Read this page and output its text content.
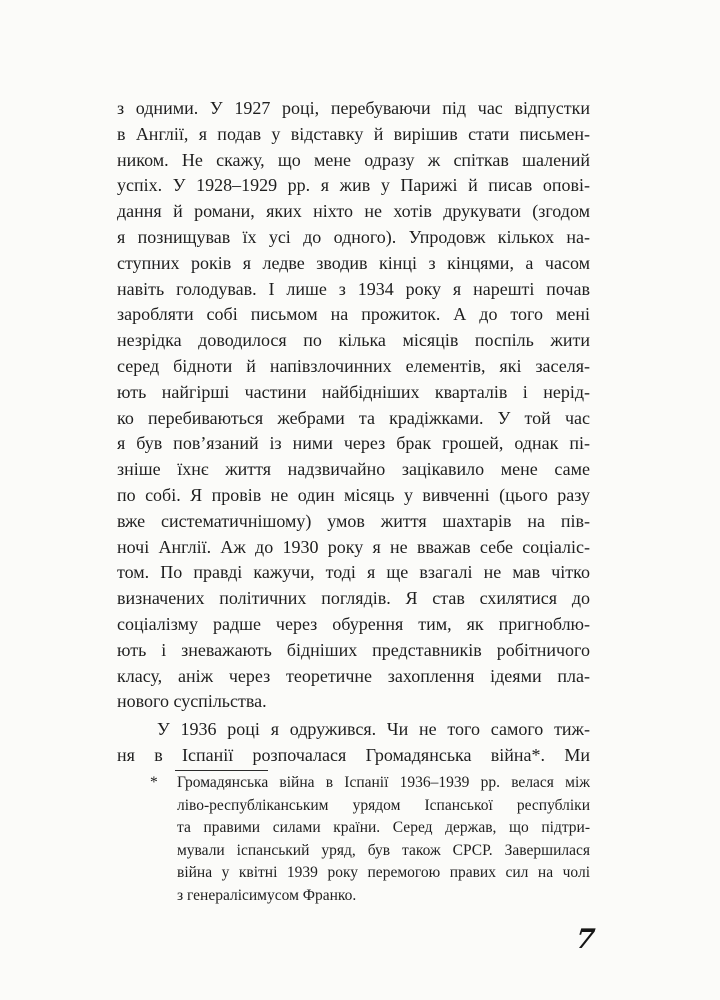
з одними. У 1927 році, перебуваючи під час відпустки
в Англії, я подав у відставку й вирішив стати письмен-
ником. Не скажу, що мене одразу ж спіткав шалений
успіх. У 1928–1929 рр. я жив у Парижі й писав опові-
дання й романи, яких ніхто не хотів друкувати (згодом
я познищував їх усі до одного). Упродовж кількох на-
ступних років я ледве зводив кінці з кінцями, а часом
навіть голодував. І лише з 1934 року я нарешті почав
заробляти собі письмом на прожиток. А до того мені
незрідка доводилося по кілька місяців поспіль жити
серед бідноти й напівзлочинних елементів, які заселя-
ють найгірші частини найбідніших кварталів і нерід-
ко перебиваються жебрами та крадіжками. У той час
я був пов’язаний із ними через брак грошей, однак пі-
зніше їхнє життя надзвичайно зацікавило мене саме
по собі. Я провів не один місяць у вивченні (цього разу
вже систематичнішому) умов життя шахтарів на пів-
ночі Англії. Аж до 1930 року я не вважав себе соціаліс-
том. По правді кажучи, тоді я ще взагалі не мав чітко
визначених політичних поглядів. Я став схилятися до
соціалізму радше через обурення тим, як пригноблю-
ють і зневажають бідніших представників робітничого
класу, аніж через теоретичне захоплення ідеями пла-
нового суспільства.
У 1936 році я одружився. Чи не того самого тиж-
ня в Іспанії розпочалася Громадянська війна*. Ми
* Громадянська війна в Іспанії 1936–1939 рр. велася між
ліво-республіканським урядом Іспанської республіки
та правими силами країни. Серед держав, що підтри-
мували іспанський уряд, був також СРСР. Завершилася
війна у квітні 1939 року перемогою правих сил на чолі
з генералісимусом Франко.
7
